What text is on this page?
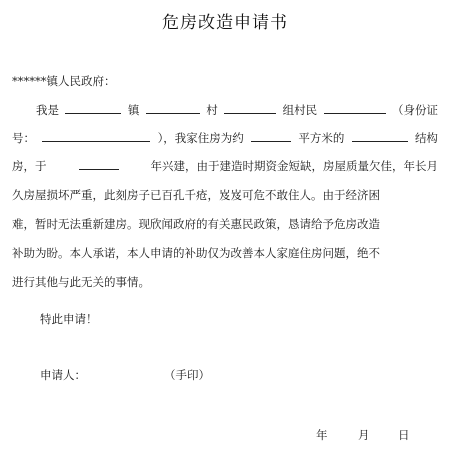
危房改造申请书
******镇人民政府：
我是	镇	村	组村民	（身份证
号：	），我家住房为约	平方米的	结构
房，于	年兴建，由于建造时期资金短缺，房屋质量欠佳，年长月
久房屋损坏严重，此刻房子已百孔千疮，岌岌可危不敢住人。由于经济困
难，暂时无法重新建房。现欣闻政府的有关惠民政策，恳请给予危房改造
补助为盼。本人承诺，本人申请的补助仅为改善本人家庭住房问题，绝不
进行其他与此无关的事情。
特此申请！
申请人：	（手印）
年	月 日
